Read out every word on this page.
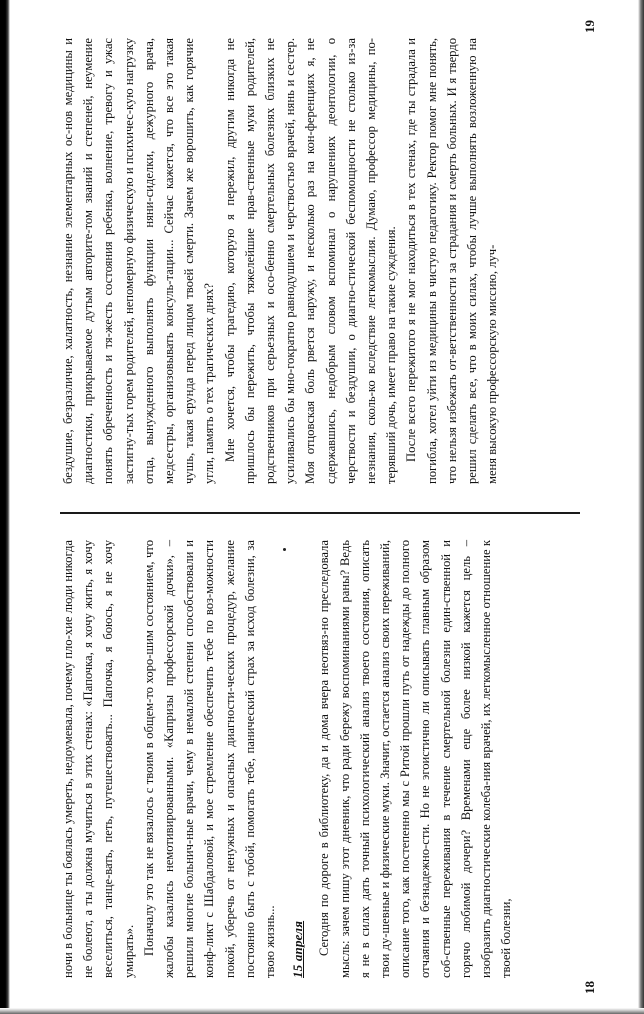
ночи в больнице ты боялась умереть, недоумевала, почему пло-хие люди никогда не болеют, а ты должна мучиться в этих стенах: «Папочка, я хочу жить, я хочу веселиться, танце-вать, петь, путешествовать... Папочка, я боюсь, я не хочу умирать». Поначалу это так не вязалось с твоим в общем-то хоро-шим состоянием, что жалобы казались немотивированными. «Капризы профессорской дочки», – решили многие больнич-ные врачи, чему в немалой степени способствовали и конф-ликт с Шабдаловой, и мое стремление обеспечить тебе по воз-можности покой, уберечь от ненужных и опасных диагности-ческих процедур, желание постоянно быть с тобой, помогать тебе, панический страх за исход болезни, за твою жизнь... 15 апреля Сегодня по дороге в библиотеку, да и дома вчера неотвяз-но преследовала мысль: зачем пишу этот дневник, что ради бережу воспоминаниями раны? Ведь я не в силах дать точный психологический анализ твоего состояния, описать твои ду-шевные и физические муки. Значит, остается анализ своих переживаний, описание того, как постепенно мы с Ритой прошли путь от надежды до полного отчаяния и безнадежно-сти. Но не эгоистично ли описывать главным образом соб-ственные переживания в течение смертельной болезни един-ственной и горячо любимой дочери? Временами еще более низкой кажется цель – изобразить диагностические колеба-ния врачей, их легкомысленное отношение к твоей болезни,

18

бездушие, безразличие, халатность, незнание элементарных ос-нов медицины и диагностики, прикрываемое дутым авторите-том званий и степеней, неумение понять обреченность и тя-жесть состояния ребенка, волнение, тревогу и ужас застигну-тых горем родителей, непомерную физическую и психичес-кую нагрузку отца, вынужденного выполнять функции няни-сиделки, дежурного врача, медсестры, организовывать консуль-тации... Сейчас кажется, что все это такая чушь, такая ерунда перед лицом твоей смерти. Зачем же ворошить, как горячие угли, память о тех трагических днях? Мне хочется, чтобы трагедию, которую я пережил, другим никогда не пришлось бы пережить, чтобы тяжелейшие нрав-ственные муки родителей, родственников при серьезных и осо-бенно смертельных болезнях близких не усиливались бы мно-гократно равнодушием и черствостью врачей, нянь и сестер. Моя отцовская боль рвется наружу, и несколько раз на кон-ференциях я, не сдержавшись, недобрым словом вспоминал о нарушениях деонтологии, о черствости и бездушии, о диагно-стической беспомощности не столько из-за незнания, сколь-ко вследствие легкомыслия. Думаю, профессор медицины, по-терявший дочь, имеет право на такие суждения. После всего пережитого я не мог находиться в тех стенах, где ты страдала и погибла, хотел уйти из медицины в чистую педагогику. Ректор помог мне понять, что нельзя избежать от-ветственности за страдания и смерть больных. И я твердо решил сделать все, что в моих силах, чтобы лучше выполнять возложенную на меня высокую профессорскую миссию, луч-

19
